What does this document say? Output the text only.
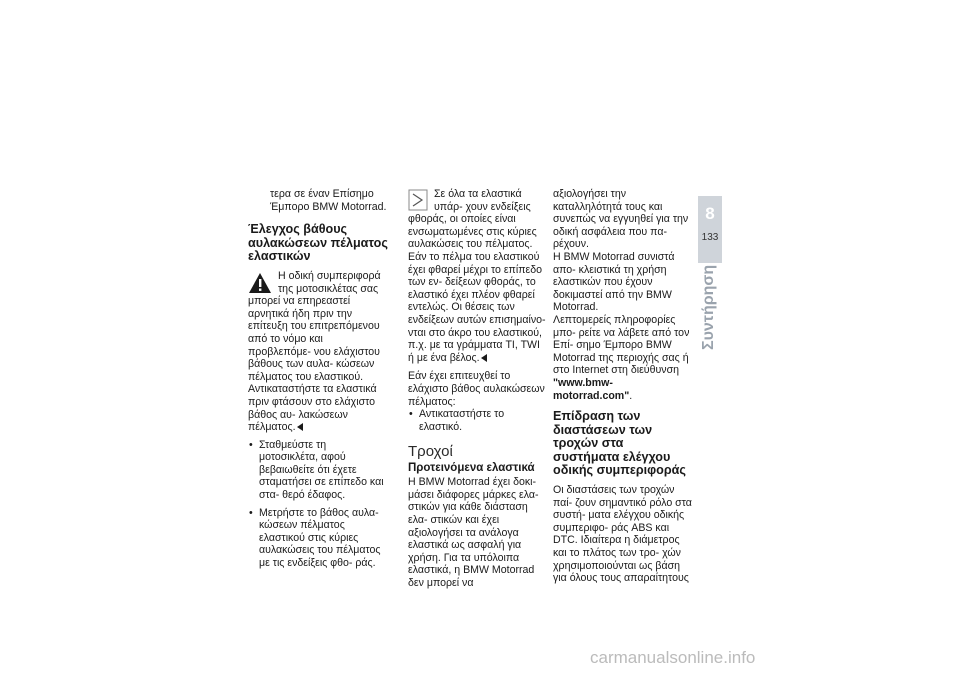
τερα σε έναν Επίσημο Έμπορο BMW Motorrad.

Έλεγχος βάθους αυλακώσεων πέλματος ελαστικών
Η οδική συμπεριφορά της μοτοσικλέτας σας μπορεί να επηρεαστεί αρνητικά ήδη πριν την επίτευξη του επιτρεπόμενου από το νόμο και προβλεπόμε- νου ελάχιστου βάθους των αυλα- κώσεων πέλματος του ελαστικού. Αντικαταστήστε τα ελαστικά πριν φτάσουν στο ελάχιστο βάθος αυ- λακώσεων πέλματος.
• Σταθμεύστε τη μοτοσικλέτα, αφού βεβαιωθείτε ότι έχετε σταματήσει σε επίπεδο και στα- θερό έδαφος.
• Μετρήστε το βάθος αυλα- κώσεων πέλματος ελαστικού στις κύριες αυλακώσεις του πέλματος με τις ενδείξεις φθο- ράς.
Σε όλα τα ελαστικά υπάρ- χουν ενδείξεις φθοράς, οι οποίες είναι ενσωματωμένες στις κύριες αυλακώσεις του πέλματος. Εάν το πέλμα του ελαστικού έχει φθαρεί μέχρι το επίπεδο των εν- δείξεων φθοράς, το ελαστικό έχει πλέον φθαρεί εντελώς. Οι θέσεις των ενδείξεων αυτών επισημαίνο- νται στο άκρο του ελαστικού, π.χ. με τα γράμματα TI, TWI ή με ένα βέλος.

Εάν έχει επιτευχθεί το ελάχιστο βάθος αυλακώσεων πέλματος:

• Αντικαταστήστε το ελαστικό.
Τροχοί
Προτεινόμενα ελαστικά

Η BMW Motorrad έχει δοκι- μάσει διάφορες μάρκες ελα- στικών για κάθε διάσταση ελα- στικών και έχει αξιολογήσει τα ανάλογα ελαστικά ως ασφαλή για χρήση. Για τα υπόλοιπα ελαστικά, η BMW Motorrad δεν μπορεί να

αξιολογήσει την καταλληλότητά τους και συνεπώς να εγγυηθεί για την οδική ασφάλεια που πα- ρέχουν.

Η BMW Motorrad συνιστά απο- κλειστικά τη χρήση ελαστικών που έχουν δοκιμαστεί από την BMW Motorrad.

Λεπτομερείς πληροφορίες μπο- ρείτε να λάβετε από τον Επί- σημο Έμπορο BMW Motorrad της περιοχής σας ή στο Internet στη διεύθυνση "www.bmw- motorrad.com".

Επίδραση των διαστάσεων των τροχών στα συστήματα ελέγχου οδικής συμπεριφοράς

Οι διαστάσεις των τροχών παί- ζουν σημαντικό ρόλο στα συστή- ματα ελέγχου οδικής συμπεριφο- ράς ABS και DTC. Ιδιαίτερα η διάμετρος και το πλάτος των τρο- χών χρησιμοποιούνται ως βάση για όλους τους απαραίτητους

8
133
Συντήρηση
carmanualsonline.info
